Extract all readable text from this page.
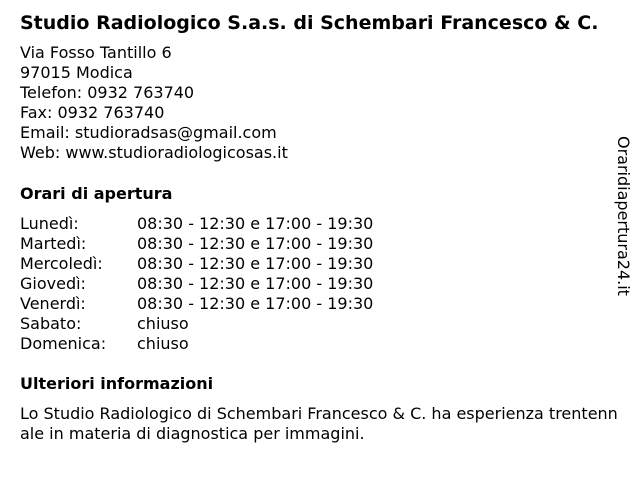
Studio Radiologico S.a.s. di Schembari Francesco & C.
Via Fosso Tantillo 6
97015 Modica
Telefon: 0932 763740
Fax: 0932 763740
Email: studioradsas@gmail.com
Web: www.studioradiologicosas.it
Orari di apertura
Lunedì:	08:30 - 12:30 e 17:00 - 19:30
Martedì:	08:30 - 12:30 e 17:00 - 19:30
Mercoledì: 08:30 - 12:30 e 17:00 - 19:30
Giovedì:	08:30 - 12:30 e 17:00 - 19:30
Venerdì:	08:30 - 12:30 e 17:00 - 19:30
Sabato:	chiuso
Domenica: chiuso
Ulteriori informazioni

Lo Studio Radiologico di Schembari Francesco & C. ha esperienza trentennale in materia di diagnostica per immagini.

Oraridiapertura24.it
